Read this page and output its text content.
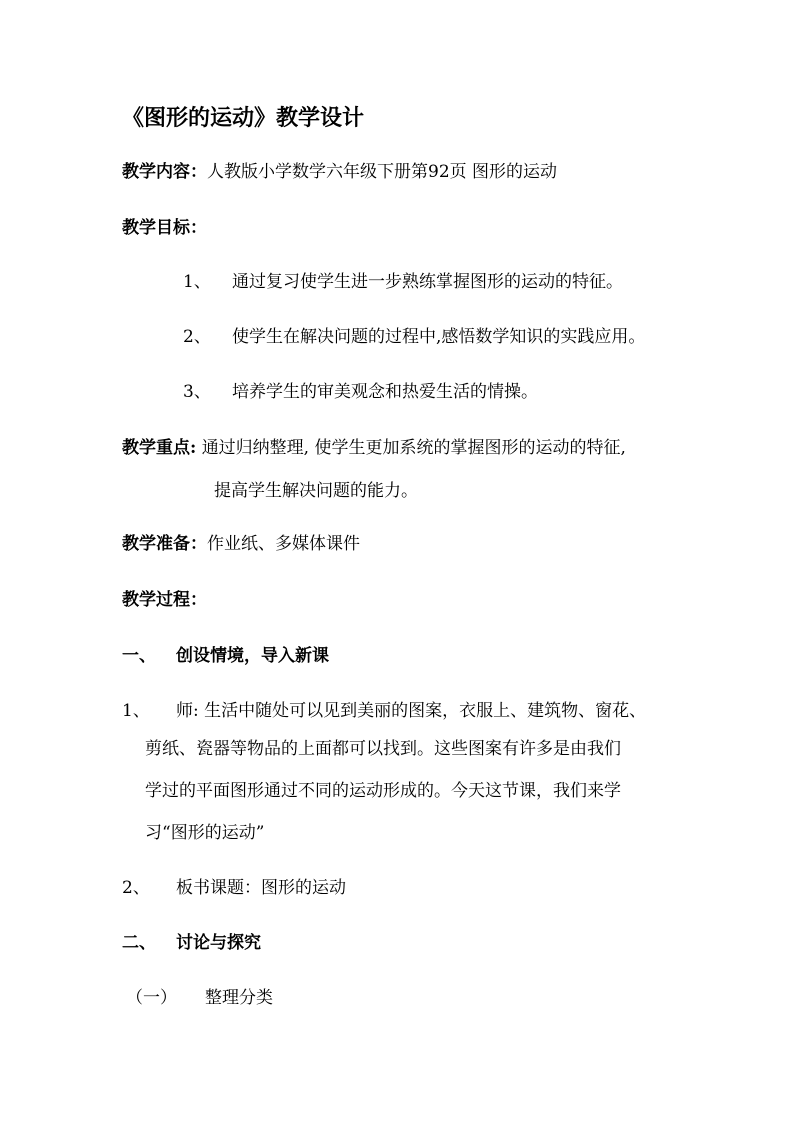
《图形的运动》教学设计
教学内容：人教版小学数学六年级下册第92页 图形的运动
教学目标：
1、 通过复习使学生进一步熟练掌握图形的运动的特征。
2、 使学生在解决问题的过程中,感悟数学知识的实践应用。
3、 培养学生的审美观念和热爱生活的情操。
教学重点: 通过归纳整理, 使学生更加系统的掌握图形的运动的特征,
提高学生解决问题的能力。
教学准备：作业纸、多媒体课件
教学过程：
一、 创设情境，导入新课
1、 师: 生活中随处可以见到美丽的图案，衣服上、建筑物、窗花、
剪纸、瓷器等物品的上面都可以找到。这些图案有许多是由我们
学过的平面图形通过不同的运动形成的。今天这节课，我们来学
习“图形的运动”
2、 板书课题：图形的运动
二、 讨论与探究
（一） 整理分类
